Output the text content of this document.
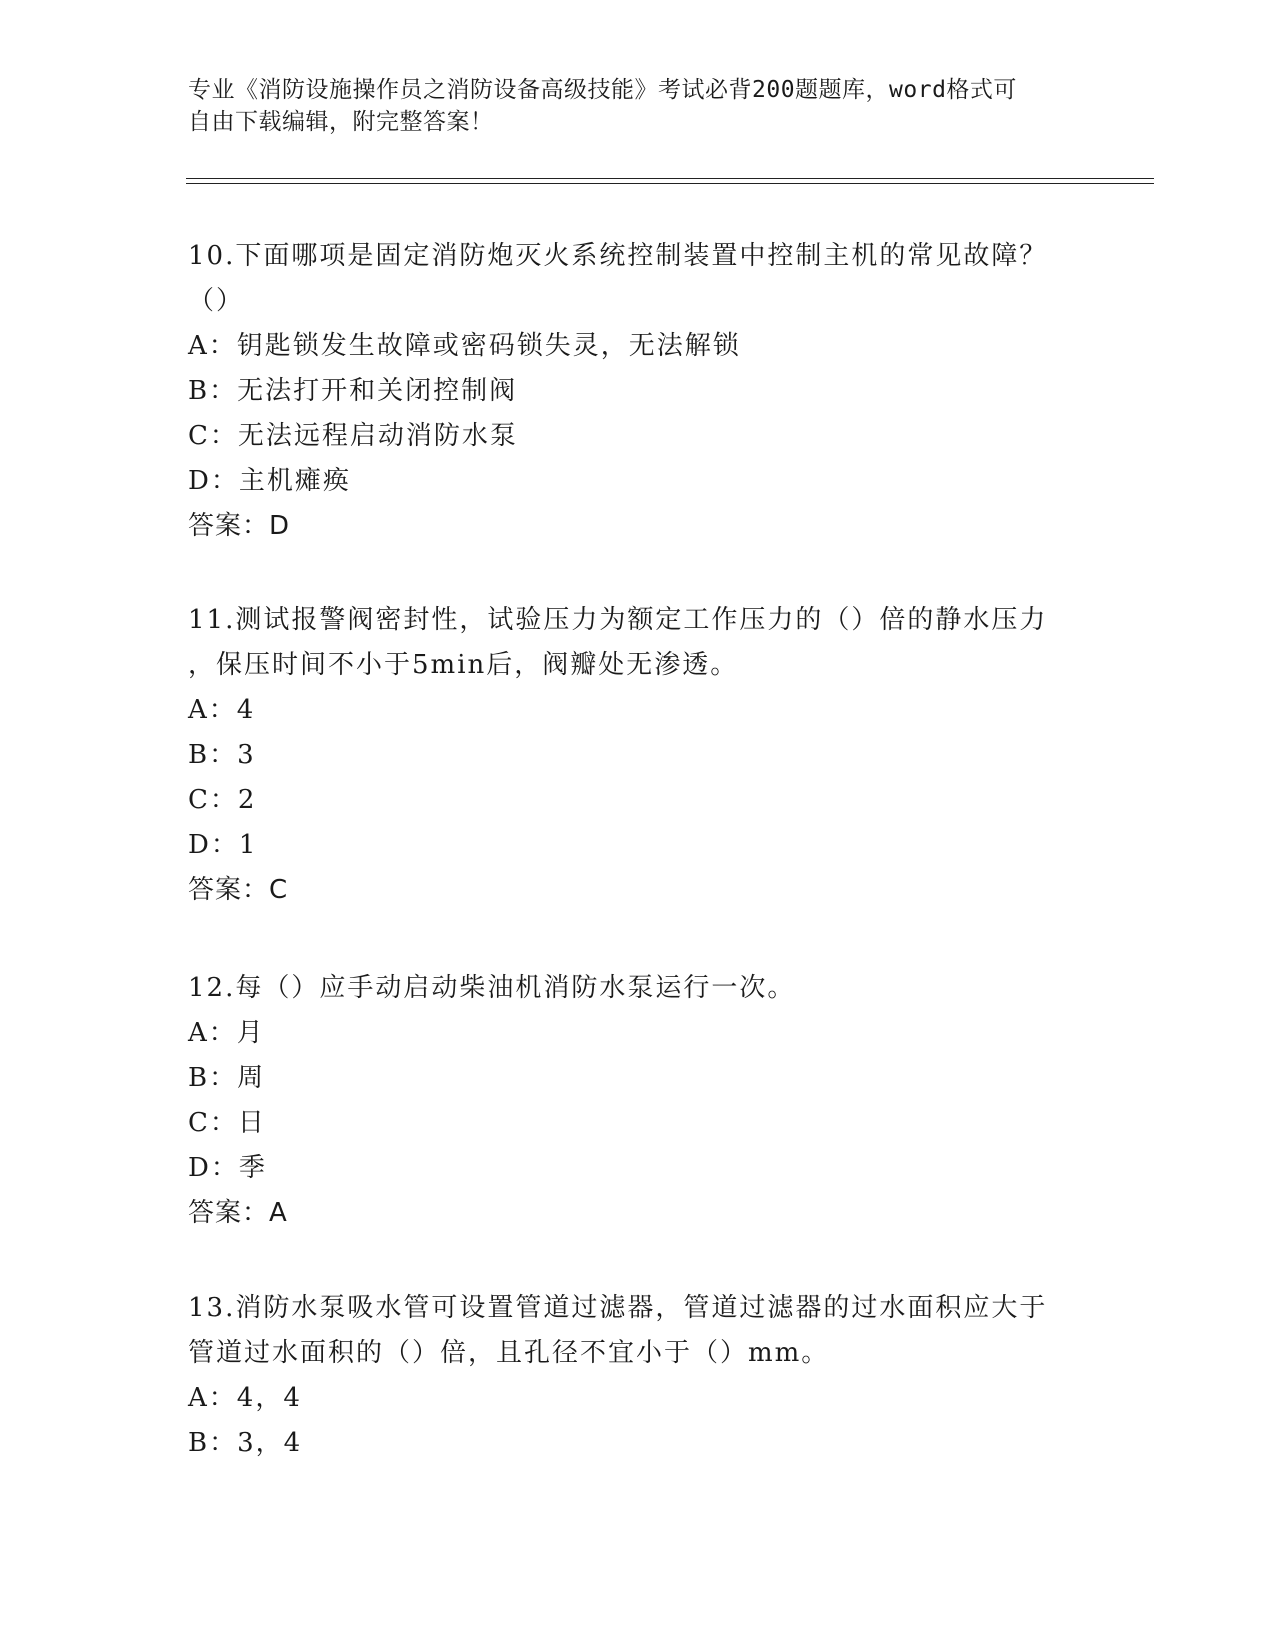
专业《消防设施操作员之消防设备高级技能》考试必背200题题库，word格式可
自由下载编辑，附完整答案！
10.下面哪项是固定消防炮灭火系统控制装置中控制主机的常见故障？
（）
A：钥匙锁发生故障或密码锁失灵，无法解锁
B：无法打开和关闭控制阀
C：无法远程启动消防水泵
D：主机瘫痪
答案：D
11.测试报警阀密封性，试验压力为额定工作压力的（）倍的静水压力
，保压时间不小于5min后，阀瓣处无渗透。
A：4
B：3
C：2
D：1
答案：C
12.每（）应手动启动柴油机消防水泵运行一次。
A：月
B：周
C：日
D：季
答案：A
13.消防水泵吸水管可设置管道过滤器，管道过滤器的过水面积应大于
管道过水面积的（）倍，且孔径不宜小于（）mm。
A：4，4
B：3，4
